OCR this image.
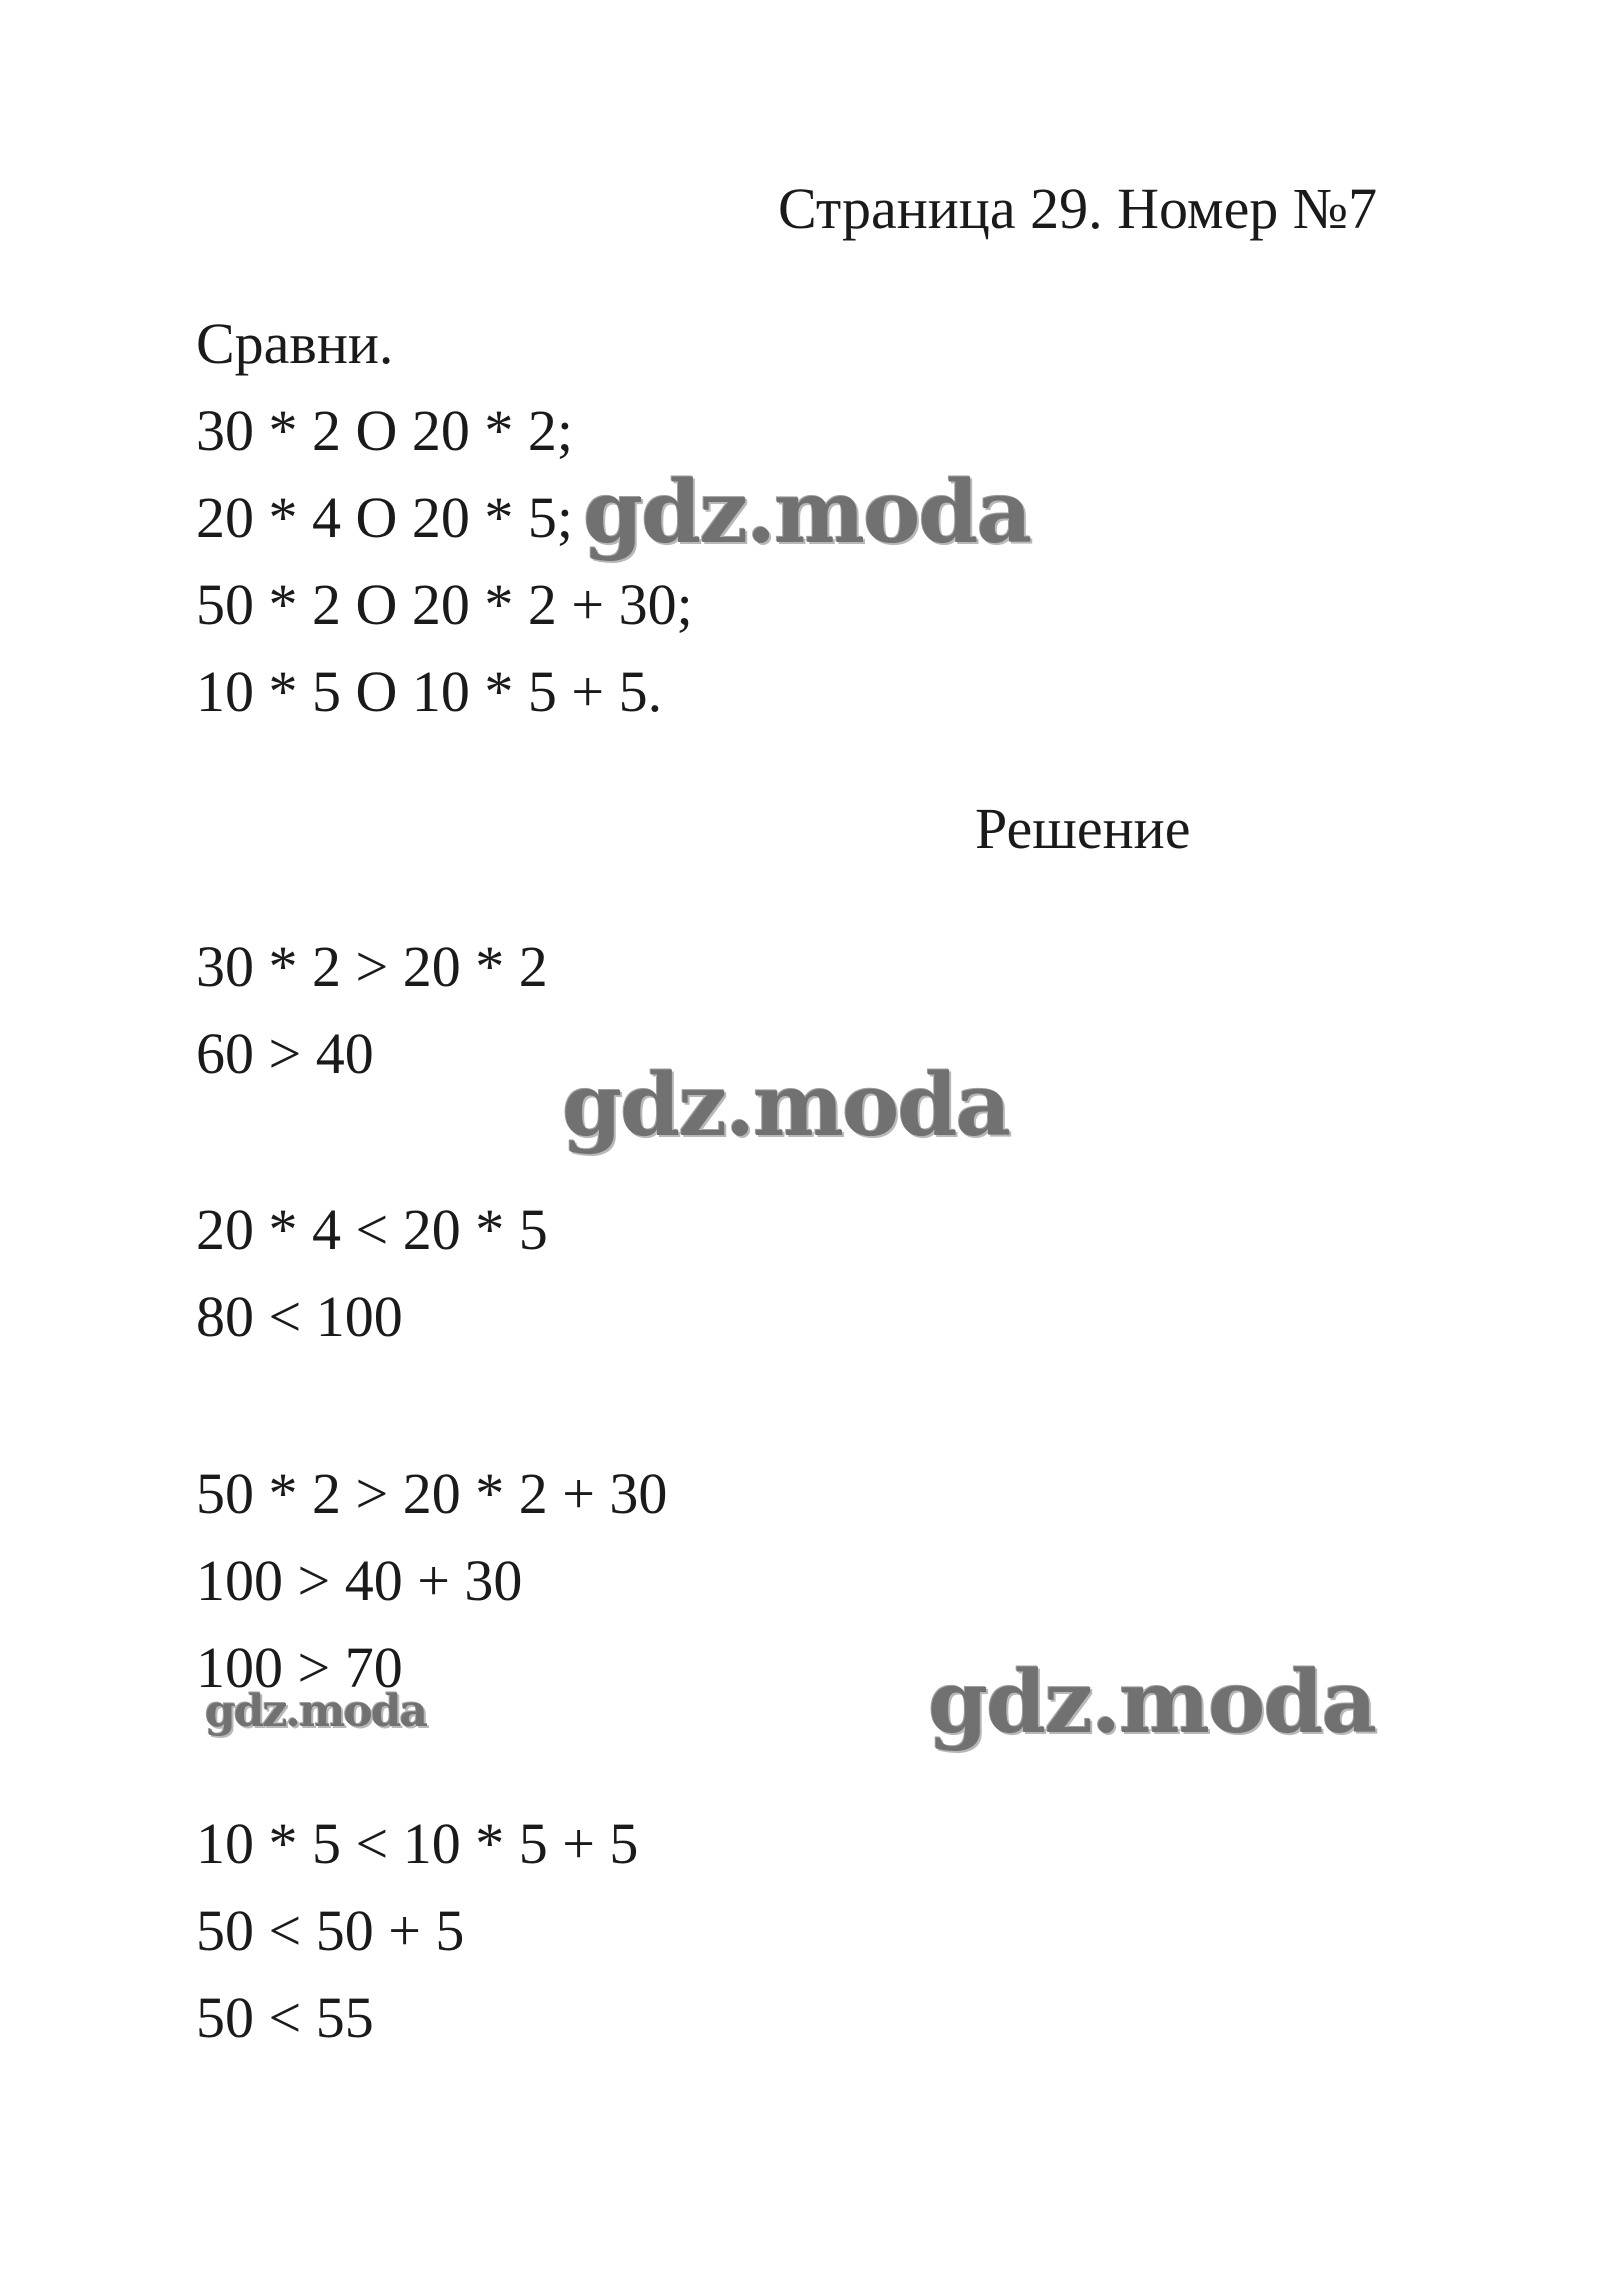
Страница 29. Номер №7
Сравни.
30 * 2 O 20 * 2;
20 * 4 O 20 * 5;
50 * 2 O 20 * 2 + 30;
10 * 5 O 10 * 5 + 5.
Решение
30 * 2 > 20 * 2
60 > 40
20 * 4 < 20 * 5
80 < 100
50 * 2 > 20 * 2 + 30
100 > 40 + 30
100 > 70
10 * 5 < 10 * 5 + 5
50 < 50 + 5
50 < 55
gdz.moda
gdz.moda
gdz.moda
gdz.moda
